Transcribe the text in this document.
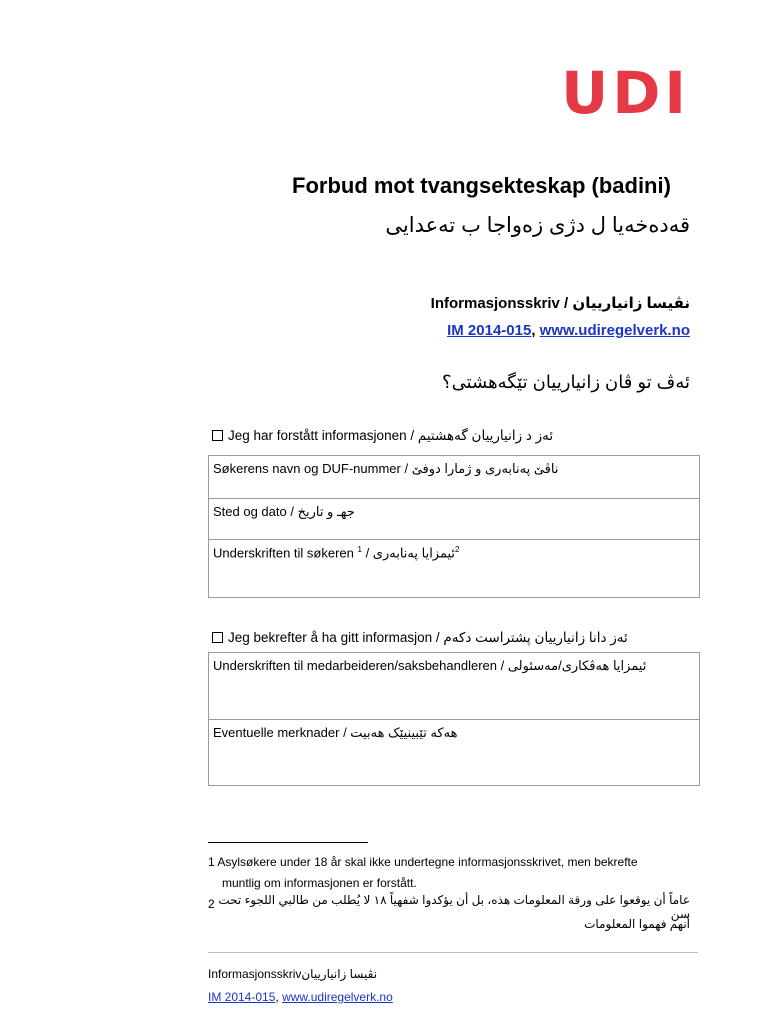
UDI
Forbud mot tvangsekteskap (badini)
قەدەخەیا ل دژی زەواجا ب تەعدایی
Informasjonsskriv / نڤیسا زانیارییان
IM 2014-015, www.udiregelverk.no
ئەڤ تو ڤان زانیارییان تێگەهشتی؟
Jeg har forstått informasjonen / ئەز د زانیارییان گەهشتیم
Søkerens navn og DUF-nummer / ناڤێ پەنابەری و ژمارا دوفێ
Sted og dato / جهـ و تاریخ
Underskriften til søkeren $^1$ / ئیمزایا پەنابەری$^2$
Jeg bekrefter å ha gitt informasjon / ئەز دانا زانیارییان پشتراست دکەم
Underskriften til medarbeideren/saksbehandleren / ئیمزایا هەڤکاری/مەسئولی
Eventuelle merknader / هەکە تێبینیێک هەبیت
1 Asylsøkere under 18 år skal ikke undertegne informasjonsskrivet, men bekrefte
muntlig om informasjonen er forstått.
2 عاماً أن يوقعوا على ورقة المعلومات هذه، بل أن يؤكدوا شفهياً ١٨ لا يُطلب من طالبي اللجوء تحت سن
أنهم فهموا المعلومات
Informasjonsskrivنڤیسا زانیارییان
IM 2014-015, www.udiregelverk.no
